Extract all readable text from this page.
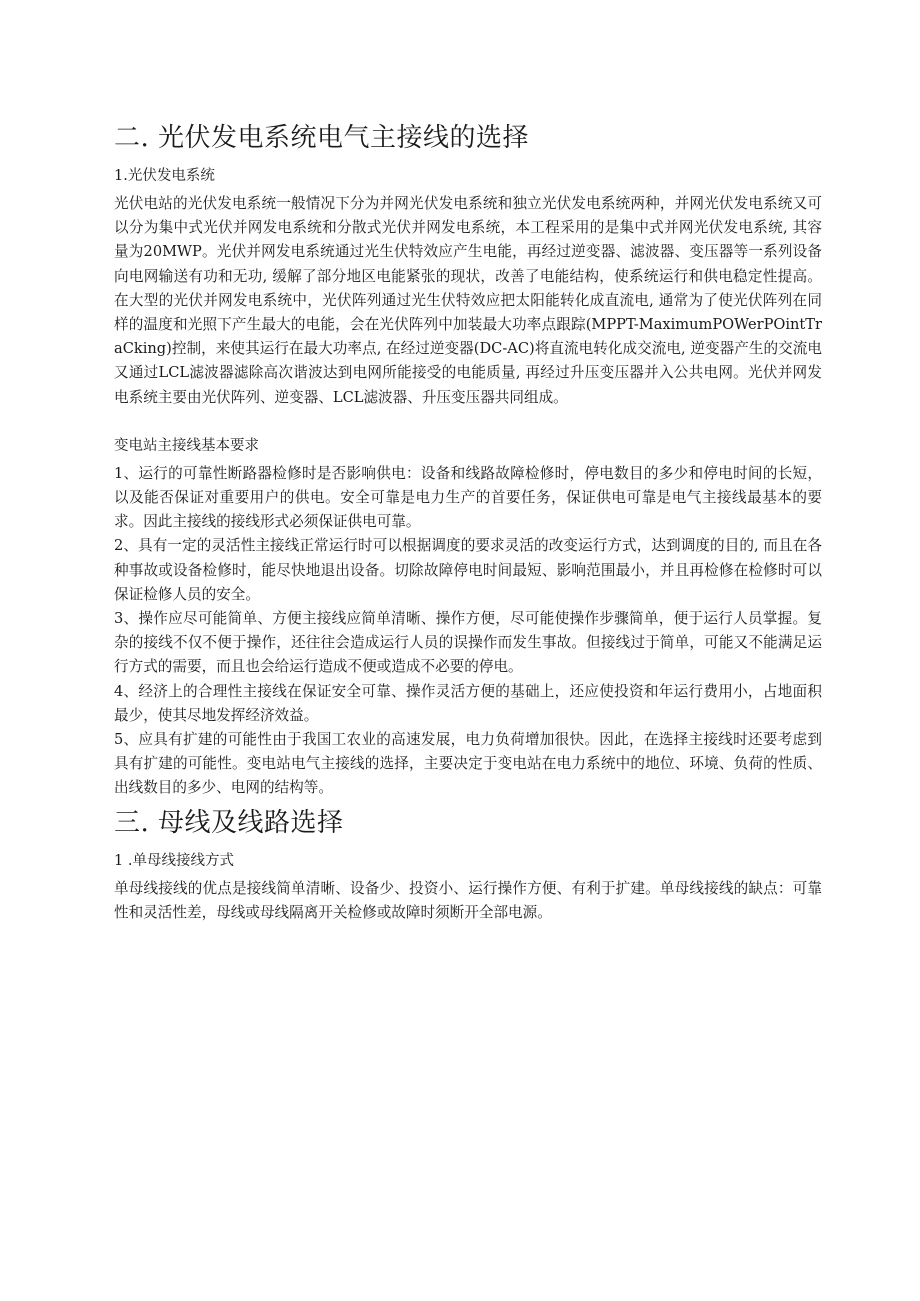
二. 光伏发电系统电气主接线的选择
1.光伏发电系统

光伏电站的光伏发电系统一般情况下分为并网光伏发电系统和独立光伏发电系统两种，并网光伏发电系统又可以分为集中式光伏并网发电系统和分散式光伏并网发电系统，本工程采用的是集中式并网光伏发电系统, 其容量为20MWP。光伏并网发电系统通过光生伏特效应产生电能，再经过逆变器、滤波器、变压器等一系列设备向电网输送有功和无功, 缓解了部分地区电能紧张的现状，改善了电能结构，使系统运行和供电稳定性提高。在大型的光伏并网发电系统中，光伏阵列通过光生伏特效应把太阳能转化成直流电, 通常为了使光伏阵列在同样的温度和光照下产生最大的电能，会在光伏阵列中加装最大功率点跟踪(MPPT-MaximumPOWerPOintTraCking)控制，来使其运行在最大功率点, 在经过逆变器(DC-AC)将直流电转化成交流电, 逆变器产生的交流电又通过LCL滤波器滤除高次谐波达到电网所能接受的电能质量, 再经过升压变压器并入公共电网。光伏并网发电系统主要由光伏阵列、逆变器、LCL滤波器、升压变压器共同组成。

变电站主接线基本要求

1、运行的可靠性断路器检修时是否影响供电：设备和线路故障检修时，停电数目的多少和停电时间的长短，以及能否保证对重要用户的供电。安全可靠是电力生产的首要任务，保证供电可靠是电气主接线最基本的要求。因此主接线的接线形式必须保证供电可靠。

2、具有一定的灵活性主接线正常运行时可以根据调度的要求灵活的改变运行方式，达到调度的目的, 而且在各种事故或设备检修时，能尽快地退出设备。切除故障停电时间最短、影响范围最小，并且再检修在检修时可以保证检修人员的安全。

3、操作应尽可能简单、方便主接线应简单清晰、操作方便，尽可能使操作步骤简单，便于运行人员掌握。复杂的接线不仅不便于操作，还往往会造成运行人员的误操作而发生事故。但接线过于简单，可能又不能满足运行方式的需要，而且也会给运行造成不便或造成不必要的停电。

4、经济上的合理性主接线在保证安全可靠、操作灵活方便的基础上，还应使投资和年运行费用小，占地面积最少，使其尽地发挥经济效益。

5、应具有扩建的可能性由于我国工农业的高速发展，电力负荷增加很快。因此，在选择主接线时还要考虑到具有扩建的可能性。变电站电气主接线的选择，主要决定于变电站在电力系统中的地位、环境、负荷的性质、出线数目的多少、电网的结构等。

三. 母线及线路选择
1 .单母线接线方式

单母线接线的优点是接线简单清晰、设备少、投资小、运行操作方便、有利于扩建。单母线接线的缺点：可靠性和灵活性差，母线或母线隔离开关检修或故障时须断开全部电源。
